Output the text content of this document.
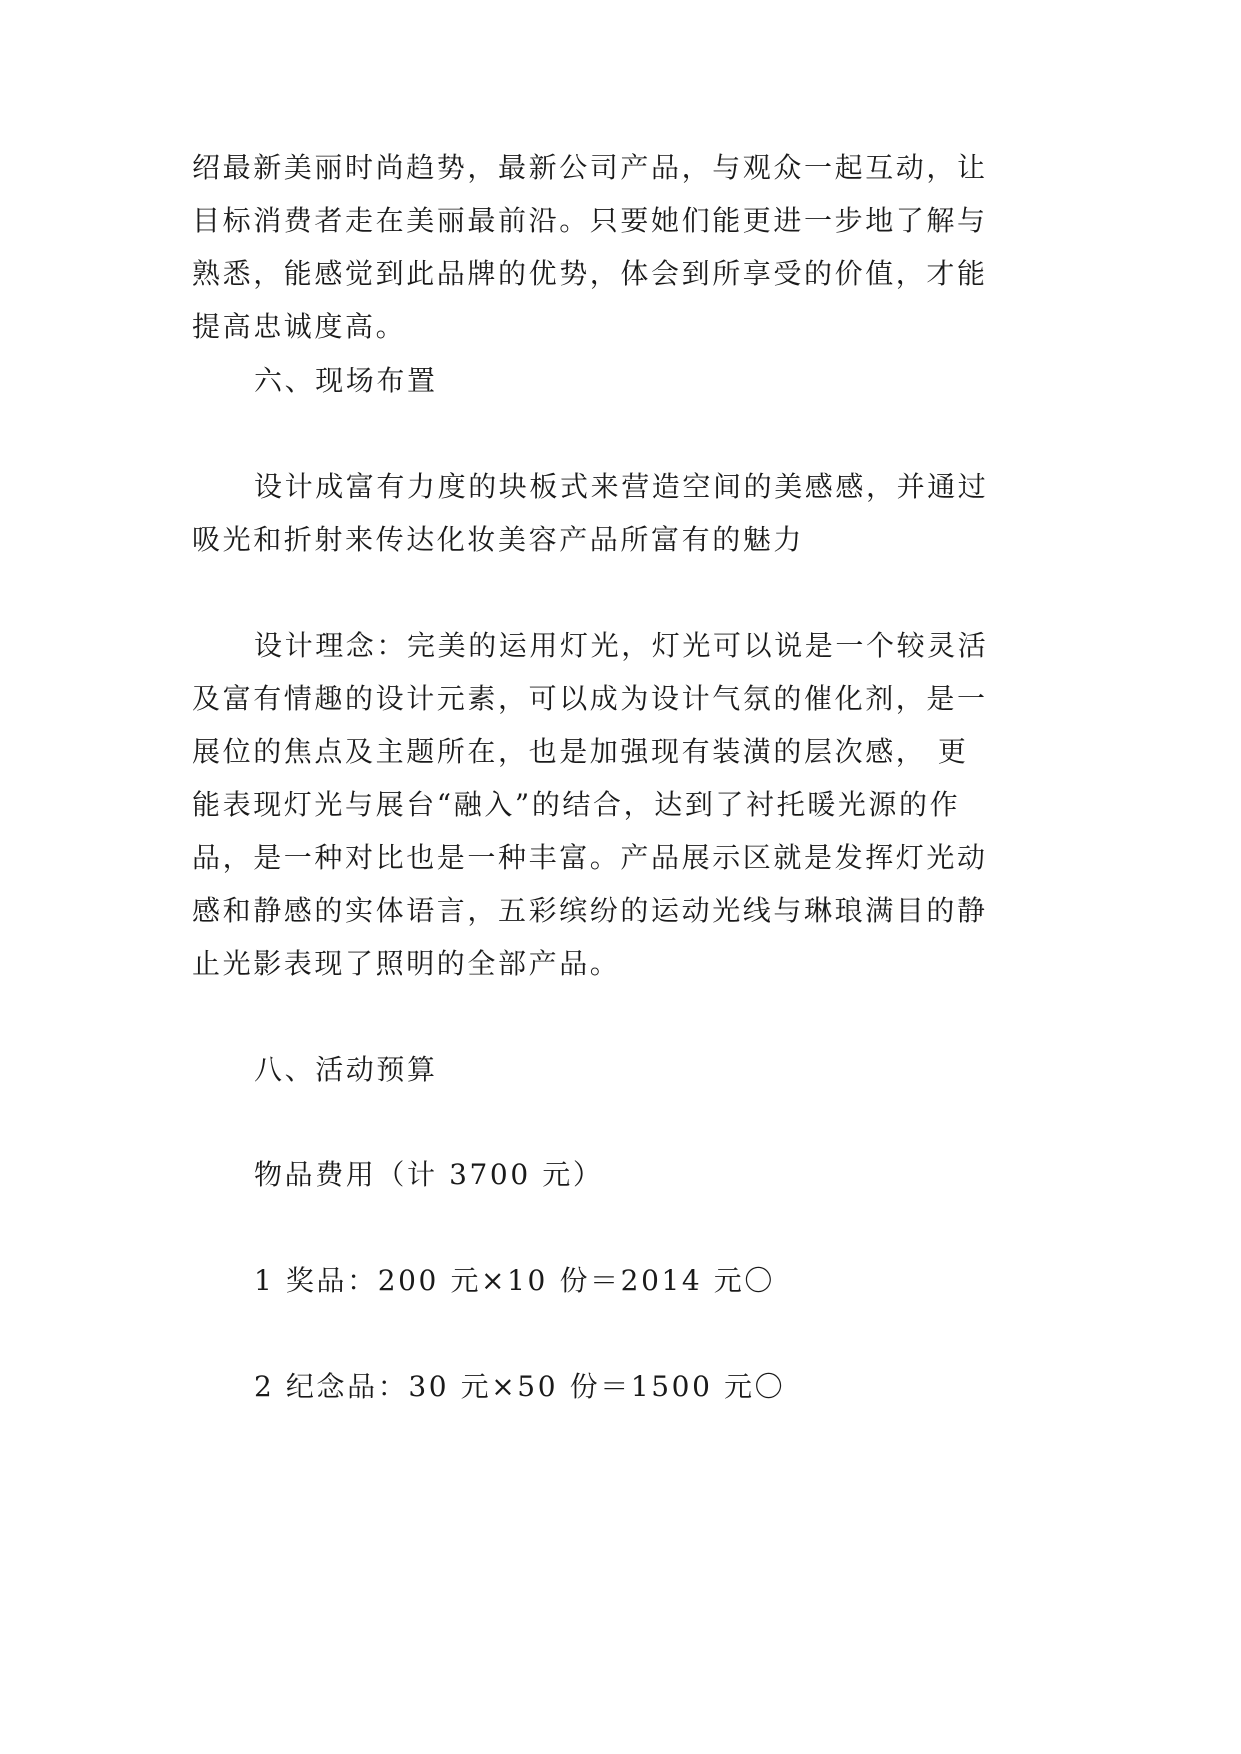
绍最新美丽时尚趋势，最新公司产品，与观众一起互动，让
目标消费者走在美丽最前沿。只要她们能更进一步地了解与
熟悉，能感觉到此品牌的优势，体会到所享受的价值，才能
提高忠诚度高。
六、现场布置
设计成富有力度的块板式来营造空间的美感感，并通过
吸光和折射来传达化妆美容产品所富有的魅力
设计理念：完美的运用灯光，灯光可以说是一个较灵活
及富有情趣的设计元素，可以成为设计气氛的催化剂，是一
展位的焦点及主题所在，也是加强现有装潢的层次感， 更
能表现灯光与展台“融入”的结合，达到了衬托暖光源的作
品，是一种对比也是一种丰富。产品展示区就是发挥灯光动
感和静感的实体语言，五彩缤纷的运动光线与琳琅满目的静
止光影表现了照明的全部产品。
八、活动预算
物品费用（计 3700 元）
1 奖品：200 元×10 份＝2014 元〇
2 纪念品：30 元×50 份＝1500 元〇
